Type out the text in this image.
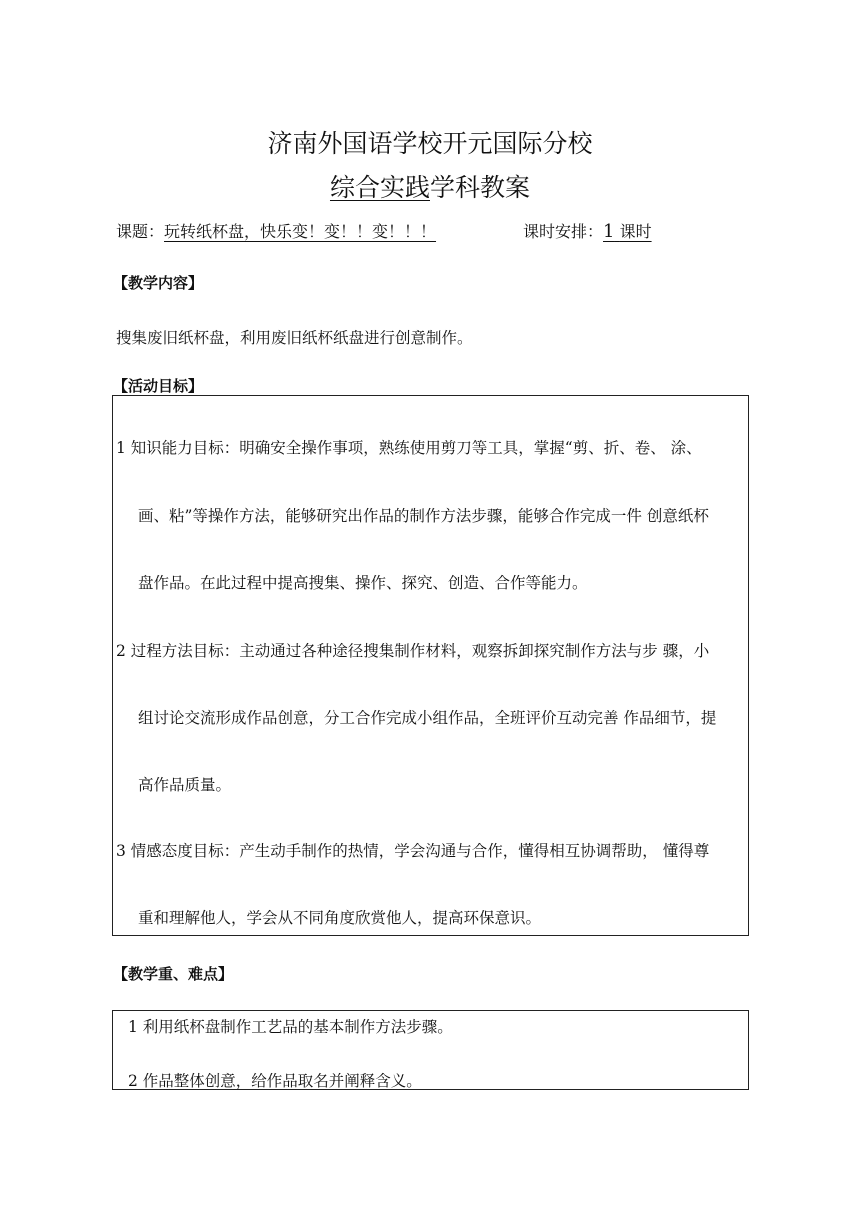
济南外国语学校开元国际分校
综合实践学科教案
课题：玩转纸杯盘，快乐变！变！！变！！！	课时安排：1 课时
【教学内容】
搜集废旧纸杯盘，利用废旧纸杯纸盘进行创意制作。
【活动目标】
1 知识能力目标：明确安全操作事项，熟练使用剪刀等工具，掌握“剪、折、卷、 涂、
画、粘”等操作方法，能够研究出作品的制作方法步骤，能够合作完成一件 创意纸杯
盘作品。在此过程中提高搜集、操作、探究、创造、合作等能力。
2 过程方法目标：主动通过各种途径搜集制作材料，观察拆卸探究制作方法与步 骤，小
组讨论交流形成作品创意，分工合作完成小组作品，全班评价互动完善 作品细节，提
高作品质量。
3 情感态度目标：产生动手制作的热情，学会沟通与合作，懂得相互协调帮助， 懂得尊
重和理解他人，学会从不同角度欣赏他人，提高环保意识。
【教学重、难点】
1 利用纸杯盘制作工艺品的基本制作方法步骤。
2 作品整体创意，给作品取名并阐释含义。
